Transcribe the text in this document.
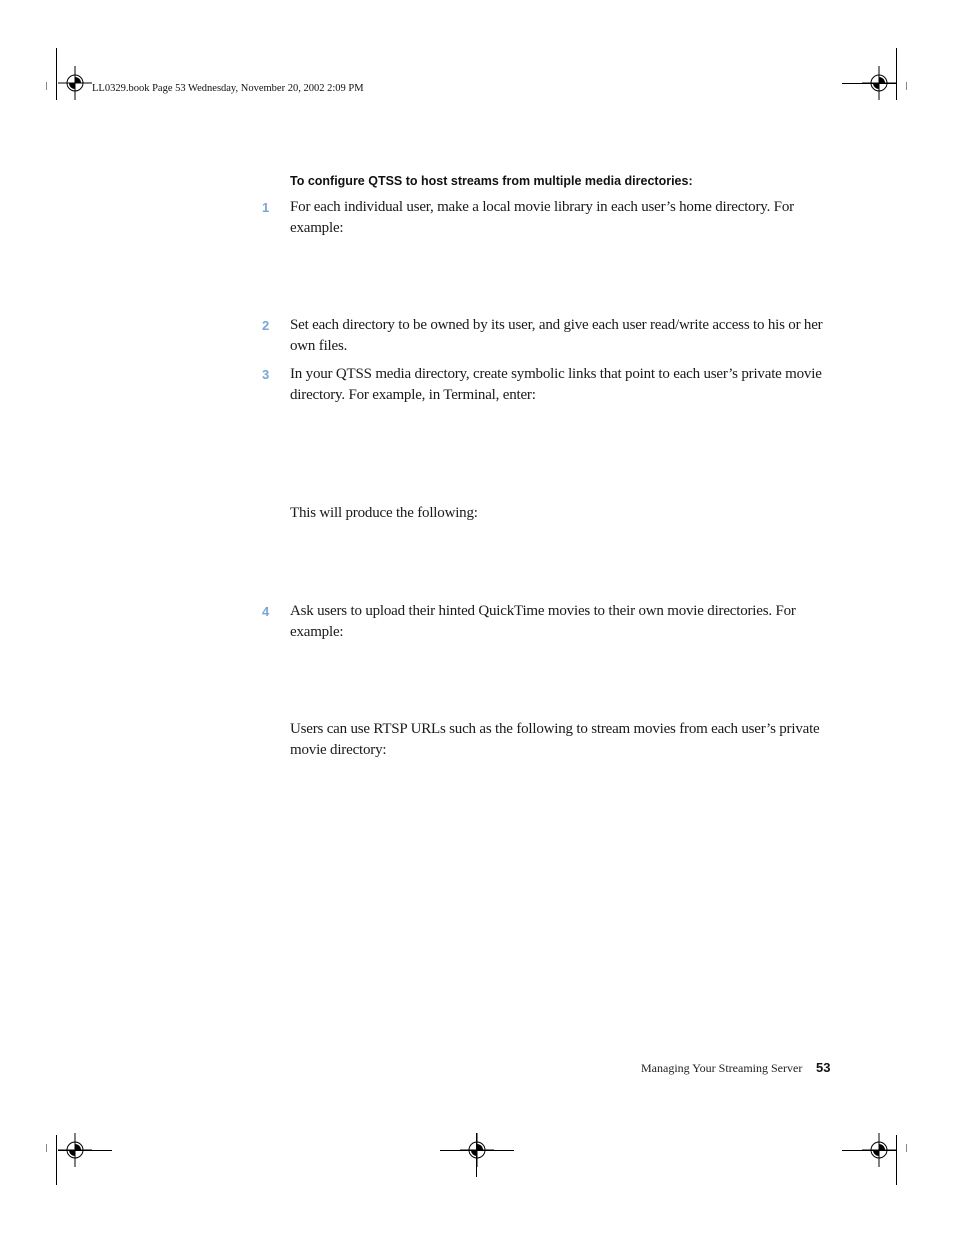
LL0329.book Page 53 Wednesday, November 20, 2002 2:09 PM
To configure QTSS to host streams from multiple media directories:
1 For each individual user, make a local movie library in each user’s home directory. For example:
2 Set each directory to be owned by its user, and give each user read/write access to his or her own files.
3 In your QTSS media directory, create symbolic links that point to each user’s private movie directory. For example, in Terminal, enter:
This will produce the following:
4 Ask users to upload their hinted QuickTime movies to their own movie directories. For example:
Users can use RTSP URLs such as the following to stream movies from each user’s private movie directory:
Managing Your Streaming Server 53
